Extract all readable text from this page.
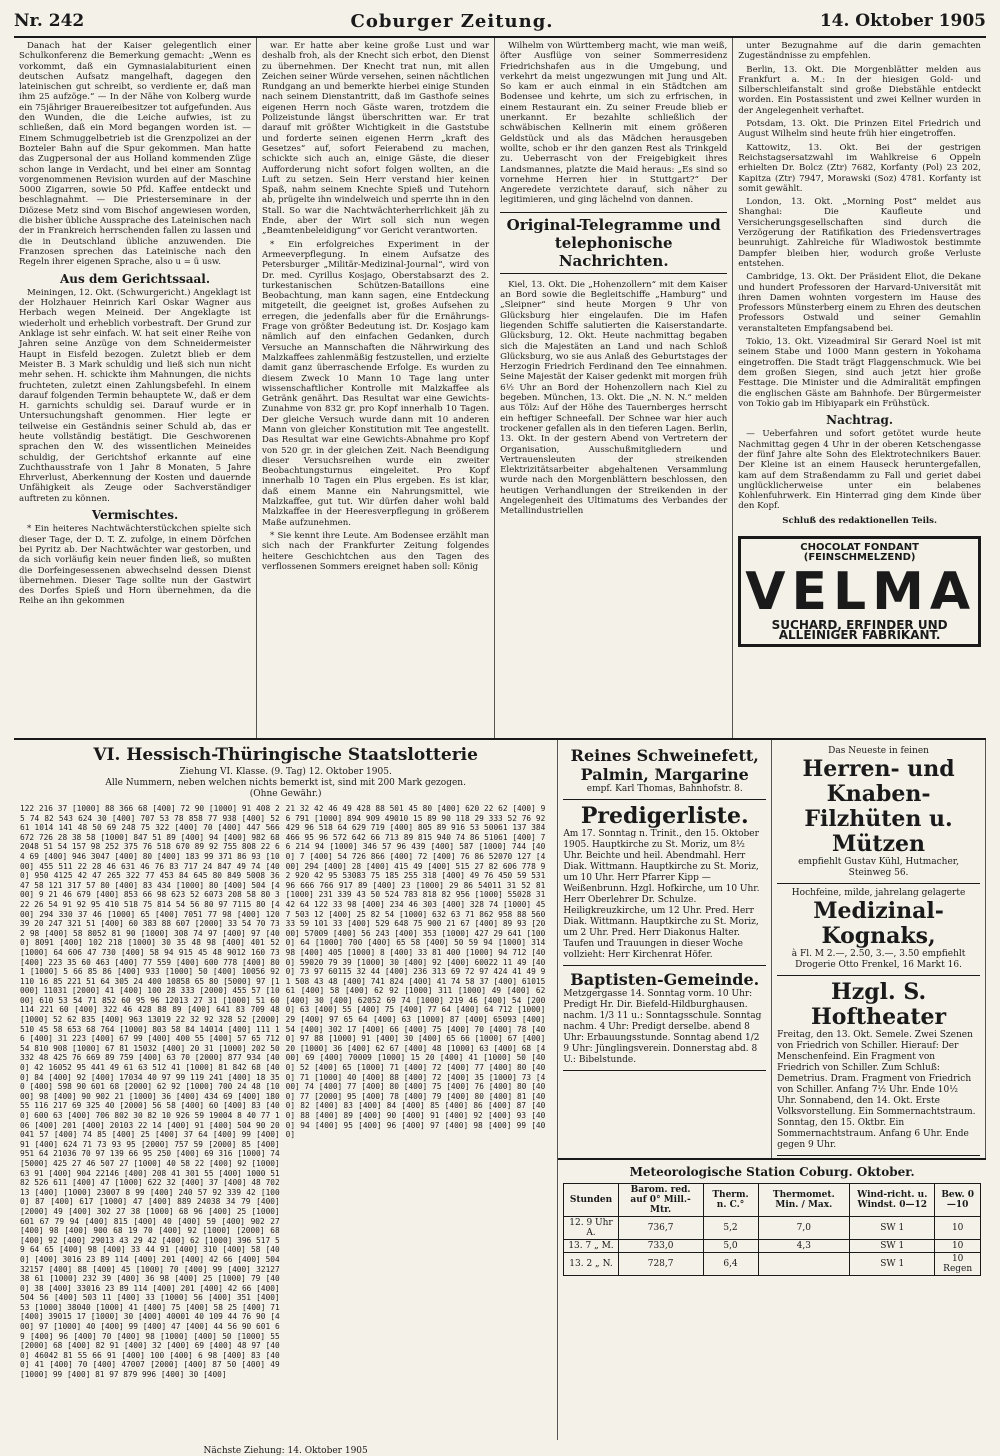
Nr. 242	Coburger Zeitung.	14. Oktober 1905

Danach hat der Kaiser gelegentlich einer Schulkonferenz die Bemerkung gemacht: „Wenn es vorkommt, daß ein Gymnasialabiturient einen deutschen Aufsatz mangelhaft, dagegen den lateinischen gut schreibt, so verdiente er, daß man ihm 25 aufzöge.“ — In der Nähe von Kolberg wurde ein 75jähriger Brauereibesitzer tot aufgefunden. Aus den Wunden, die die Leiche aufwies, ist zu schließen, daß ein Mord begangen worden ist. — Einem Schmuggelbetrieb ist die Grenzpolizei an der Bozteler Bahn auf die Spur gekommen. Man hatte das Zugpersonal der aus Holland kommenden Züge schon lange in Verdacht, und bei einer am Sonntag vorgenommenen Revision wurden auf der Maschine 5000 Zigarren, sowie 50 Pfd. Kaffee entdeckt und beschlagnahmt. — Die Priesterseminare in der Diözese Metz sind vom Bischof angewiesen worden, die bisher übliche Aussprache des Lateinischen nach der in Frankreich herrschenden fallen zu lassen und die in Deutschland übliche anzuwenden. Die Franzosen sprechen das Lateinische nach den Regeln ihrer eigenen Sprache, also u = ü usw.

Aus dem Gerichtssaal.

Meiningen, 12. Okt. (Schwurgericht.) Angeklagt ist der Holzhauer Heinrich Karl Oskar Wagner aus Herbach wegen Meineid. Der Angeklagte ist wiederholt und erheblich vorbestraft. Der Grund zur Anklage ist sehr einfach. W. hat seit einer Reihe von Jahren seine Anzüge von dem Schneidermeister Haupt in Eisfeld bezogen. Zuletzt blieb er dem Meister B. 3 Mark schuldig und ließ sich nun nicht mehr sehen. H. schickte ihm Mahnungen, die nichts fruchteten, zuletzt einen Zahlungsbefehl. In einem darauf folgenden Termin behauptete W., daß er dem H. garnichts schuldig sei. Darauf wurde er in Untersuchungshaft genommen. Hier legte er teilweise ein Geständnis seiner Schuld ab, das er heute vollständig bestätigt. Die Geschworenen sprachen den W. des wissentlichen Meineides schuldig, der Gerichtshof erkannte auf eine Zuchthausstrafe von 1 Jahr 8 Monaten, 5 Jahre Ehrverlust, Aberkennung der Kosten und dauernde Unfähigkeit als Zeuge oder Sachverständiger auftreten zu können.

Vermischtes.

* Ein heiteres Nachtwächterstückchen spielte sich dieser Tage, der D. T. Z. zufolge, in einem Dörfchen bei Pyritz ab. Der Nachtwächter war gestorben, und da sich vorläufig kein neuer finden ließ, so mußten die Dorfeingesessenen abwechselnd dessen Dienst übernehmen. Dieser Tage sollte nun der Gastwirt des Dorfes Spieß und Horn übernehmen, da die Reihe an ihn gekommen

war. Er hatte aber keine große Lust und war deshalb froh, als der Knecht sich erbot, den Dienst zu übernehmen. Der Knecht trat nun, mit allen Zeichen seiner Würde versehen, seinen nächtlichen Rundgang an und bemerkte hierbei einige Stunden nach seinem Dienstantritt, daß im Gasthofe seines eigenen Herrn noch Gäste waren, trotzdem die Polizeistunde längst überschritten war. Er trat darauf mit größter Wichtigkeit in die Gaststube und forderte seinen eigenen Herrn „kraft des Gesetzes“ auf, sofort Feierabend zu machen, schickte sich auch an, einige Gäste, die dieser Aufforderung nicht sofort folgen wollten, an die Luft zu setzen. Sein Herr verstand hier keinen Spaß, nahm seinem Knechte Spieß und Tutehorn ab, prügelte ihn windelweich und sperrte ihn in den Stall. So war die Nachtwächterherrlichkeit jäh zu Ende, aber der Wirt soll sich nun wegen „Beamtenbeleidigung“ vor Gericht verantworten.

* Ein erfolgreiches Experiment in der Armeeverpflegung. In einem Aufsatze des Petersburger „Militär-Medizinal-Journal“, wird von Dr. med. Cyrillus Kosjago, Oberstabsarzt des 2. turkestanischen Schützen-Bataillons eine Beobachtung, man kann sagen, eine Entdeckung mitgeteilt, die geeignet ist, großes Aufsehen zu erregen, die jedenfalls aber für die Ernährungs-Frage von größter Bedeutung ist. Dr. Kosjago kam nämlich auf den einfachen Gedanken, durch Versuche an Mannschaften die Nährwirkung des Malzkaffees zahlenmäßig festzustellen, und erzielte damit ganz überraschende Erfolge. Es wurden zu diesem Zweck 10 Mann 10 Tage lang unter wissenschaftlicher Kontrolle mit Malzkaffee als Getränk genährt. Das Resultat war eine Gewichts-Zunahme von 832 gr. pro Kopf innerhalb 10 Tagen. Der gleiche Versuch wurde dann mit 10 anderen Mann von gleicher Konstitution mit Tee angestellt. Das Resultat war eine Gewichts-Abnahme pro Kopf von 520 gr. in der gleichen Zeit. Nach Beendigung dieser Versuchsreihen wurde ein zweiter Beobachtungsturnus eingeleitet. Pro Kopf innerhalb 10 Tagen ein Plus ergeben. Es ist klar, daß einem Manne ein Nahrungsmittel, wie Malzkaffee, gut tut. Wir dürfen daher wohl bald Malzkaffee in der Heeresverpflegung in größerem Maße aufzunehmen.

* Sie kennt ihre Leute. Am Bodensee erzählt man sich nach der Frankfurter Zeitung folgendes heitere Geschichtchen aus den Tagen des verflossenen Sommers ereignet haben soll: König

Wilhelm von Württemberg macht, wie man weiß, öfter Ausflüge von seiner Sommerresidenz Friedrichshafen aus in die Umgebung, und verkehrt da meist ungezwungen mit Jung und Alt. So kam er auch einmal in ein Städtchen am Bodensee und kehrte, um sich zu erfrischen, in einem Restaurant ein. Zu seiner Freude blieb er unerkannt. Er bezahlte schließlich der schwäbischen Kellnerin mit einem größeren Geldstück und als das Mädchen herausgeben wollte, schob er ihr den ganzen Rest als Trinkgeld zu. Ueberrascht von der Freigebigkeit ihres Landsmannes, platzte die Maid heraus: „Es sind so vornehme Herren hier in Stuttgart?“ Der Angeredete verzichtete darauf, sich näher zu legitimieren, und ging lächelnd von dannen.

Original-Telegramme und telephonische Nachrichten.

Kiel, 13. Okt. Die „Hohenzollern“ mit dem Kaiser an Bord sowie die Begleitschiffe „Hamburg“ und „Sleipner“ sind heute Morgen 9 Uhr von Glücksburg hier eingelaufen. Die im Hafen liegenden Schiffe salutierten die Kaiserstandarte. Glücksburg, 12. Okt. Heute nachmittag begaben sich die Majestäten an Land und nach Schloß Glücksburg, wo sie aus Anlaß des Geburtstages der Herzogin Friedrich Ferdinand den Tee einnahmen. Seine Majestät der Kaiser gedenkt mit morgen früh 6½ Uhr an Bord der Hohenzollern nach Kiel zu begeben. München, 13. Okt. Die „N. N. N.“ melden aus Tölz: Auf der Höhe des Tauernberges herrscht ein heftiger Schneefall. Der Schnee war hier auch trockener gefallen als in den tieferen Lagen. Berlin, 13. Okt. In der gestern Abend von Vertretern der Organisation, Ausschußmitgliedern und Vertrauensleuten der streikenden Elektrizitätsarbeiter abgehaltenen Versammlung wurde nach den Morgenblättern beschlossen, den heutigen Verhandlungen der Streikenden in der Angelegenheit des Ultimatums des Verbandes der Metallindustriellen

unter Bezugnahme auf die darin gemachten Zugeständnisse zu empfehlen.

Berlin, 13. Okt. Die Morgenblätter melden aus Frankfurt a. M.: In der hiesigen Gold- und Silberschleifanstalt sind große Diebstähle entdeckt worden. Ein Postassistent und zwei Kellner wurden in der Angelegenheit verhaftet.

Potsdam, 13. Okt. Die Prinzen Eitel Friedrich und August Wilhelm sind heute früh hier eingetroffen.

Kattowitz, 13. Okt. Bei der gestrigen Reichstagsersatzwahl im Wahlkreise 6 Oppeln erhielten Dr. Bolcz (Ztr) 7682, Korfanty (Pol) 23 202, Kapitza (Ztr) 7947, Morawski (Soz) 4781. Korfanty ist somit gewählt.

London, 13. Okt. „Morning Post“ meldet aus Shanghai: Die Kaufleute und Versicherungsgesellschaften sind durch die Verzögerung der Ratifikation des Friedensvertrages beunruhigt. Zahlreiche für Wladiwostok bestimmte Dampfer bleiben hier, wodurch große Verluste entstehen.

Cambridge, 13. Okt. Der Präsident Eliot, die Dekane und hundert Professoren der Harvard-Universität mit ihren Damen wohnten vorgestern im Hause des Professors Münsterberg einem zu Ehren des deutschen Professors Ostwald und seiner Gemahlin veranstalteten Empfangsabend bei.

Tokio, 13. Okt. Vizeadmiral Sir Gerard Noel ist mit seinem Stabe und 1000 Mann gestern in Yokohama eingetroffen. Die Stadt trägt Flaggenschmuck. Wie bei dem großen Siegen, sind auch jetzt hier große Festtage. Die Minister und die Admiralität empfingen die englischen Gäste am Bahnhofe. Der Bürgermeister von Tokio gab im Hibiyapark ein Frühstück.

Nachtrag.

— Ueberfahren und sofort getötet wurde heute Nachmittag gegen 4 Uhr in der oberen Ketschengasse der fünf Jahre alte Sohn des Elektrotechnikers Bauer. Der Kleine ist an einem Hauseck heruntergefallen, kam auf dem Straßendamm zu Fall und geriet dabei unglücklicherweise unter ein belabenes Kohlenfuhrwerk. Ein Hinterrad ging dem Kinde über den Kopf.

Schluß des redaktionellen Teils.
CHOCOLAT FONDANT (FEINSCHMELZEND)
VELMA
SUCHARD, ERFINDER UND ALLEINIGER FABRIKANT.
VI. Hessisch-Thüringische Staatslotterie
Ziehung VI. Klasse. (9. Tag) 12. Oktober 1905.
Alle Nummern, neben welchen nichts bemerkt ist, sind mit 200 Mark gezogen.
(Ohne Gewähr.)
122 216 37 [1000] 88 366 68 [400] 72 90 [1000] 91 408 25 74 82 543 624 30 [400] 707 53 78 858 77 938 [400] 52 61 1014 141 48 50 69 248 75 322 [400] 70 [400] 447 566 672 726 28 38 58 [1000] 847 51 89 [400] 94 [400] 982 68 2048 51 54 157 98 252 375 76 518 670 89 92 755 808 22 64 69 [400] 946 3047 [400] 80 [400] 183 99 371 86 93 [1000] 455 511 22 28 46 631 46 76 83 717 24 847 49 74 [400] 950 4125 42 47 265 322 77 453 84 645 80 849 5008 36 47 58 121 317 57 80 [400] 83 434 [1000] 80 [400] 504 [400] 9 21 46 679 [400] 853 66 98 623 52 6073 208 58 80 322 26 54 91 92 95 410 518 75 814 54 56 80 97 7115 80 [400] 294 330 37 46 [1000] 65 [400] 7051 77 98 [400] 120 39 20 247 321 51 [400] 60 383 88 607 [2000] 33 54 70 732 98 [400] 58 8052 81 90 [1000] 308 74 97 [400] 97 [400] 8091 [400] 102 218 [1000] 30 35 48 98 [400] 401 52 [1000] 64 606 47 730 [400] 58 94 915 45 48 9012 160 73 [400] 223 35 60 463 [400] 77 559 [400] 600 778 [400] 801 [1000] 5 66 85 86 [400] 933 [1000] 50 [400] 10056 92 110 16 85 221 51 64 305 24 400 10858 65 80 [5000] 97 [1000] 11031 [2000] 41 [400] 100 28 333 [2000] 455 57 [1000] 610 53 54 71 852 60 95 96 12013 27 31 [1000] 51 60 114 221 60 [400] 322 46 428 88 89 [400] 641 83 709 48 [1000] 52 62 835 [400] 963 13019 22 32 92 328 52 [2000] 510 45 58 653 68 764 [1000] 803 58 84 14014 [400] 111 16 [400] 31 223 [400] 67 99 [400] 400 55 [400] 57 65 712 54 810 908 [1000] 67 81 15032 [400] 20 31 [1000] 202 50 332 48 425 76 669 89 759 [400] 63 70 [2000] 877 934 [400] 42 16052 95 441 49 61 63 512 41 [1000] 81 842 68 [400] 84 [400] 92 [400] 17034 40 97 99 119 241 [400] 18 350 [400] 598 90 601 68 [2000] 62 92 [1000] 700 24 48 [1000] 98 [400] 90 902 21 [1000] 36 [400] 434 69 [400] 18055 116 217 69 325 40 [2000] 56 58 [400] 60 [400] 83 [400] 600 63 [400] 706 802 30 82 10 926 59 19004 8 40 77 106 [400] 201 [400] 20103 22 14 [400] 91 [400] 504 90 20041 57 [400] 74 85 [400] 25 [400] 37 64 [400] 99 [400] 91 [400] 624 71 73 93 95 [2000] 757 59 [2000] 85 [400] 951 64 21036 70 97 139 66 95 250 [400] 69 316 [1000] 74 [5000] 425 27 46 507 27 [1000] 40 58 22 [400] 92 [1000] 63 91 [400] 904 22146 [400] 208 41 301 55 [400] 1000 51 82 526 611 [400] 47 [1000] 622 32 [400] 37 [400] 48 702 13 [400] [1000] 23007 8 99 [400] 240 57 92 339 42 [1000] 87 [400] 617 [1000] 47 [400] 889 24038 34 79 [400] [2000] 49 [400] 302 27 38 [1000] 68 96 [400] 25 [1000] 601 67 79 94 [400] 815 [400] 40 [400] 59 [400] 902 27 [400] 98 [400] 900 68 19 70 [400] 92 [1000] [2000] 68 [400] 92 [400] 29013 43 29 42 [400] 62 [1000] 396 517 59 64 65 [400] 98 [400] 33 44 91 [400] 310 [400] 58 [400] [400] 3016 23 89 114 [400] 201 [400] 42 66 [400] 504 32157 [400] 88 [400] 45 [1000] 70 [400] 99 [400] 32127 38 61 [1000] 232 39 [400] 36 98 [400] 25 [1000] 79 [400] 38 [400] 33016 23 89 114 [400] 201 [400] 42 66 [400] 504 56 [400] 503 11 [400] 33 [1000] 56 [400] 351 [400] 53 [1000] 38040 [1000] 41 [400] 75 [400] 58 25 [400] 71 [400] 39015 17 [1000] 30 [400] 40001 40 109 44 76 90 [400] 97 [1000] 40 [400] 99 [400] 47 [400] 44 56 90 601 69 [400] 96 [400] 70 [400] 98 [1000] [400] 50 [1000] 55 [2000] 68 [400] 82 91 [400] 32 [400] 69 [400] 48 97 [400] 46042 81 55 66 91 [400] 100 [400] 6 98 [400] 83 [400] 41 [400] 70 [400] 47007 [2000] [400] 87 50 [400] 49 [1000] 99 [400] 81 97 879 996 [400] 30 [400]
21 32 42 46 49 428 88 501 45 80 [400] 620 22 62 [400] 96 791 [1000] 894 909 49010 15 89 90 118 29 333 52 76 92 429 96 518 64 629 719 [400] 805 89 916 53 50061 137 384 466 95 96 572 642 66 713 89 815 940 74 86 51061 [400] 76 214 94 [1000] 346 57 96 439 [400] 587 [1000] 744 [400] 7 [400] 54 726 866 [400] 72 [400] 76 86 52070 127 [400] 294 [400] 28 [400] 415 49 [400] 515 27 82 606 778 92 920 42 95 53083 75 185 255 318 [400] 49 76 450 59 531 96 666 766 917 89 [400] 23 [1000] 29 86 54011 31 52 81 [1000] 231 339 43 50 524 783 818 82 956 [1000] 55028 31 42 64 122 33 98 [400] 234 46 303 [400] 328 74 [1000] 457 503 12 [400] 25 82 54 [1000] 632 63 71 862 958 88 56033 59 101 33 [400] 529 648 75 900 21 67 [400] 89 93 [2000] 57009 [400] 56 243 [400] 353 [1000] 427 29 641 [1000] 64 [1000] 700 [400] 65 58 [400] 50 59 94 [1000] 314 98 [400] 405 [1000] 8 [400] 33 81 400 [1000] 94 712 [400] 59020 79 39 [1000] 30 [400] 92 [400] 60022 11 49 [400] 73 97 60115 32 44 [400] 236 313 69 72 97 424 41 49 91 508 43 48 [400] 741 824 [400] 41 74 58 37 [400] 61015 61 [400] 58 [400] 62 92 [1000] 311 [1000] 49 [400] 62 [400] 30 [400] 62052 69 74 [1000] 219 46 [400] 54 [2000] 63 [400] 55 [400] 75 [400] 77 64 [400] 64 712 [1000] 29 [400] 97 65 64 [400] 63 [1000] 87 [400] 65093 [400] 54 [400] 302 17 [400] 66 [400] 75 [400] 70 [400] 78 [400] 97 88 [1000] 91 [400] 30 [400] 65 66 [1000] 67 [400] 20 [1000] 36 [400] 62 67 [400] 48 [1000] 63 [400] 68 [400] 69 [400] 70009 [1000] 15 20 [400] 41 [1000] 50 [400] 52 [400] 65 [1000] 71 [400] 72 [400] 77 [400] 80 [400] 71 [1000] 40 [400] 88 [400] 72 [400] 35 [1000] 73 [400] 74 [400] 77 [400] 80 [400] 75 [400] 76 [400] 80 [400] 77 [2000] 95 [400] 78 [400] 79 [400] 80 [400] 81 [400] 82 [400] 83 [400] 84 [400] 85 [400] 86 [400] 87 [400] 88 [400] 89 [400] 90 [400] 91 [400] 92 [400] 93 [400] 94 [400] 95 [400] 96 [400] 97 [400] 98 [400] 99 [400]
Nächste Ziehung: 14. Oktober 1905
Reines Schweinefett, Palmin, Margarine
empf. Karl Thomas, Bahnhofstr. 8.
Predigerliste.
Am 17. Sonntag n. Trinit., den 15. Oktober 1905. Hauptkirche zu St. Moriz, um 8½ Uhr. Beichte und heil. Abendmahl. Herr Diak. Wittmann. Hauptkirche zu St. Moriz, um 10 Uhr. Herr Pfarrer Kipp — Weißenbrunn. Hzgl. Hofkirche, um 10 Uhr. Herr Oberlehrer Dr. Schulze. Heiligkreuzkirche, um 12 Uhr. Pred. Herr Diak. Wittmann. Hauptkirche zu St. Moriz, um 2 Uhr. Pred. Herr Diakonus Halter. Taufen und Trauungen in dieser Woche vollzieht: Herr Kirchenrat Höfer.
Baptisten-Gemeinde.
Metzgergasse 14. Sonntag vorm. 10 Uhr: Predigt Hr. Dir. Biefeld-Hildburghausen. nachm. 1/3 11 u.: Sonntagsschule. Sonntag nachm. 4 Uhr: Predigt derselbe. abend 8 Uhr: Erbauungsstunde. Sonntag abend 1/2 9 Uhr: Jünglingsverein. Donnerstag abd. 8 U.: Bibelstunde.
Das Neueste in feinen
Herren- und Knaben-Filzhüten u. Mützen
empfiehlt Gustav Kühl, Hutmacher, Steinweg 56.
Hochfeine, milde, jahrelang gelagerte
Medizinal-Kognaks,
à Fl. M 2.—, 2.50, 3.—, 3.50 empfiehlt Drogerie Otto Frenkel, 16 Markt 16.
Hzgl. S. Hoftheater
Freitag, den 13. Okt. Semele. Zwei Szenen von Friedrich von Schiller. Hierauf: Der Menschenfeind. Ein Fragment von Friedrich von Schiller. Zum Schluß: Demetrius. Dram. Fragment von Friedrich von Schiller. Anfang 7½ Uhr. Ende 10½ Uhr. Sonnabend, den 14. Okt. Erste Volksvorstellung. Ein Sommernachtstraum. Sonntag, den 15. Oktbr. Ein Sommernachtstraum. Anfang 6 Uhr. Ende gegen 9 Uhr.
Meteorologische Station Coburg. Oktober.
Stunden	Barom. red. auf 0° Mill.-Mtr.	Therm. n. C.°	Thermomet. Min. / Max.	Wind-richt. u. Windst. 0—12	Bew. 0—10
12. 9 Uhr A.	736,7	5,2	7,0	SW 1	10
13. 7 „ M.	733,0	5,0	4,3	SW 1	10
13. 2 „ N.	728,7	6,4		SW 1	10 Regen
